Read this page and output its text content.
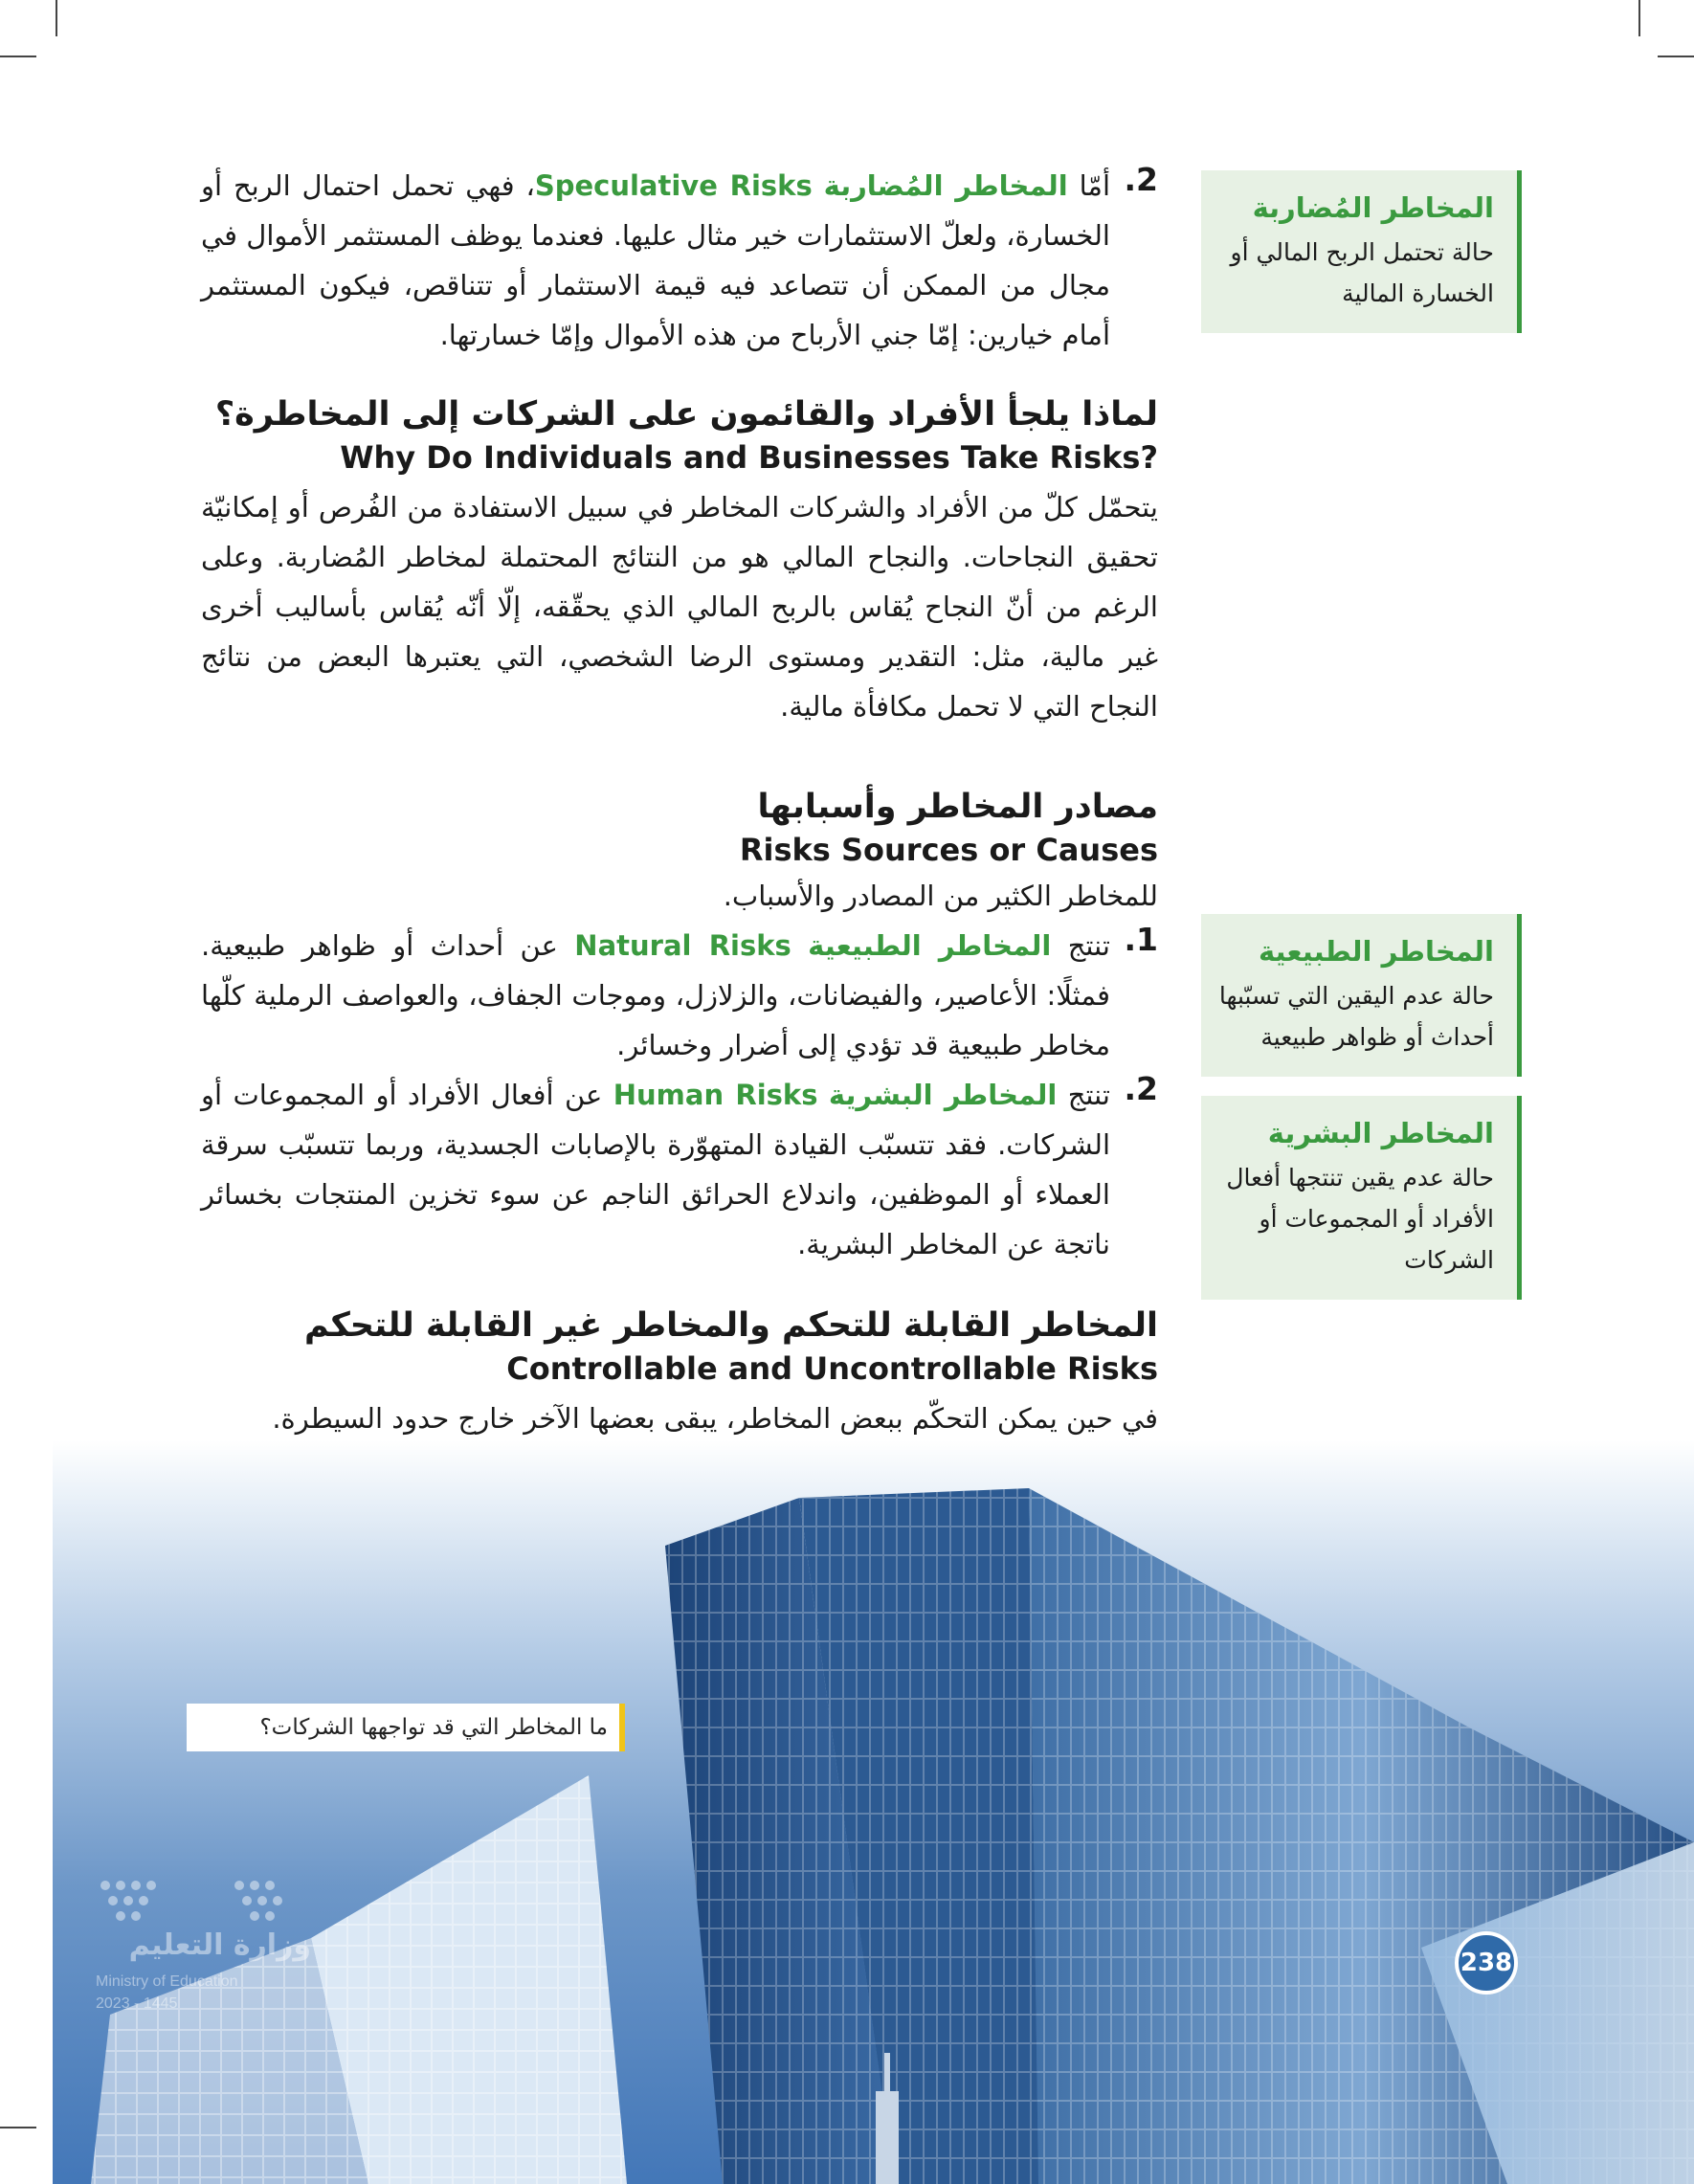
المخاطر المُضاربة

حالة تحتمل الربح المالي أو

الخسارة المالية

المخاطر الطبيعية

حالة عدم اليقين التي تسبّبها

أحداث أو ظواهر طبيعية

المخاطر البشرية

حالة عدم يقين تنتجها أفعال

الأفراد أو المجموعات أو

الشركات

2.

أمّا المخاطر المُضاربة Speculative Risks، فهي تحمل احتمال الربح أو الخسارة، ولعلّ الاستثمارات خير مثال عليها. فعندما يوظف المستثمر الأموال في مجال من الممكن أن تتصاعد فيه قيمة الاستثمار أو تتناقص، فيكون المستثمر أمام خيارين: إمّا جني الأرباح من هذه الأموال وإمّا خسارتها.

لماذا يلجأ الأفراد والقائمون على الشركات إلى المخاطرة؟
Why Do Individuals and Businesses Take Risks?

يتحمّل كلّ من الأفراد والشركات المخاطر في سبيل الاستفادة من الفُرص أو إمكانيّة تحقيق النجاحات. والنجاح المالي هو من النتائج المحتملة لمخاطر المُضاربة. وعلى الرغم من أنّ النجاح يُقاس بالربح المالي الذي يحقّقه، إلّا أنّه يُقاس بأساليب أخرى غير مالية، مثل: التقدير ومستوى الرضا الشخصي، التي يعتبرها البعض من نتائج النجاح التي لا تحمل مكافأة مالية.

مصادر المخاطر وأسبابها
Risks Sources or Causes

للمخاطر الكثير من المصادر والأسباب.

1.

تنتج المخاطر الطبيعية Natural Risks عن أحداث أو ظواهر طبيعية. فمثلًا: الأعاصير، والفيضانات، والزلازل، وموجات الجفاف، والعواصف الرملية كلّها مخاطر طبيعية قد تؤدي إلى أضرار وخسائر.

2.

تنتج المخاطر البشرية Human Risks عن أفعال الأفراد أو المجموعات أو الشركات. فقد تتسبّب القيادة المتهوّرة بالإصابات الجسدية، وربما تتسبّب سرقة العملاء أو الموظفين، واندلاع الحرائق الناجم عن سوء تخزين المنتجات بخسائر ناتجة عن المخاطر البشرية.

المخاطر القابلة للتحكم والمخاطر غير القابلة للتحكم
Controllable and Uncontrollable Risks

في حين يمكن التحكّم ببعض المخاطر، يبقى بعضها الآخر خارج حدود السيطرة.

ما المخاطر التي قد تواجهها الشركات؟
238
وزارة التعليم
Ministry of Education
2023 - 1445
